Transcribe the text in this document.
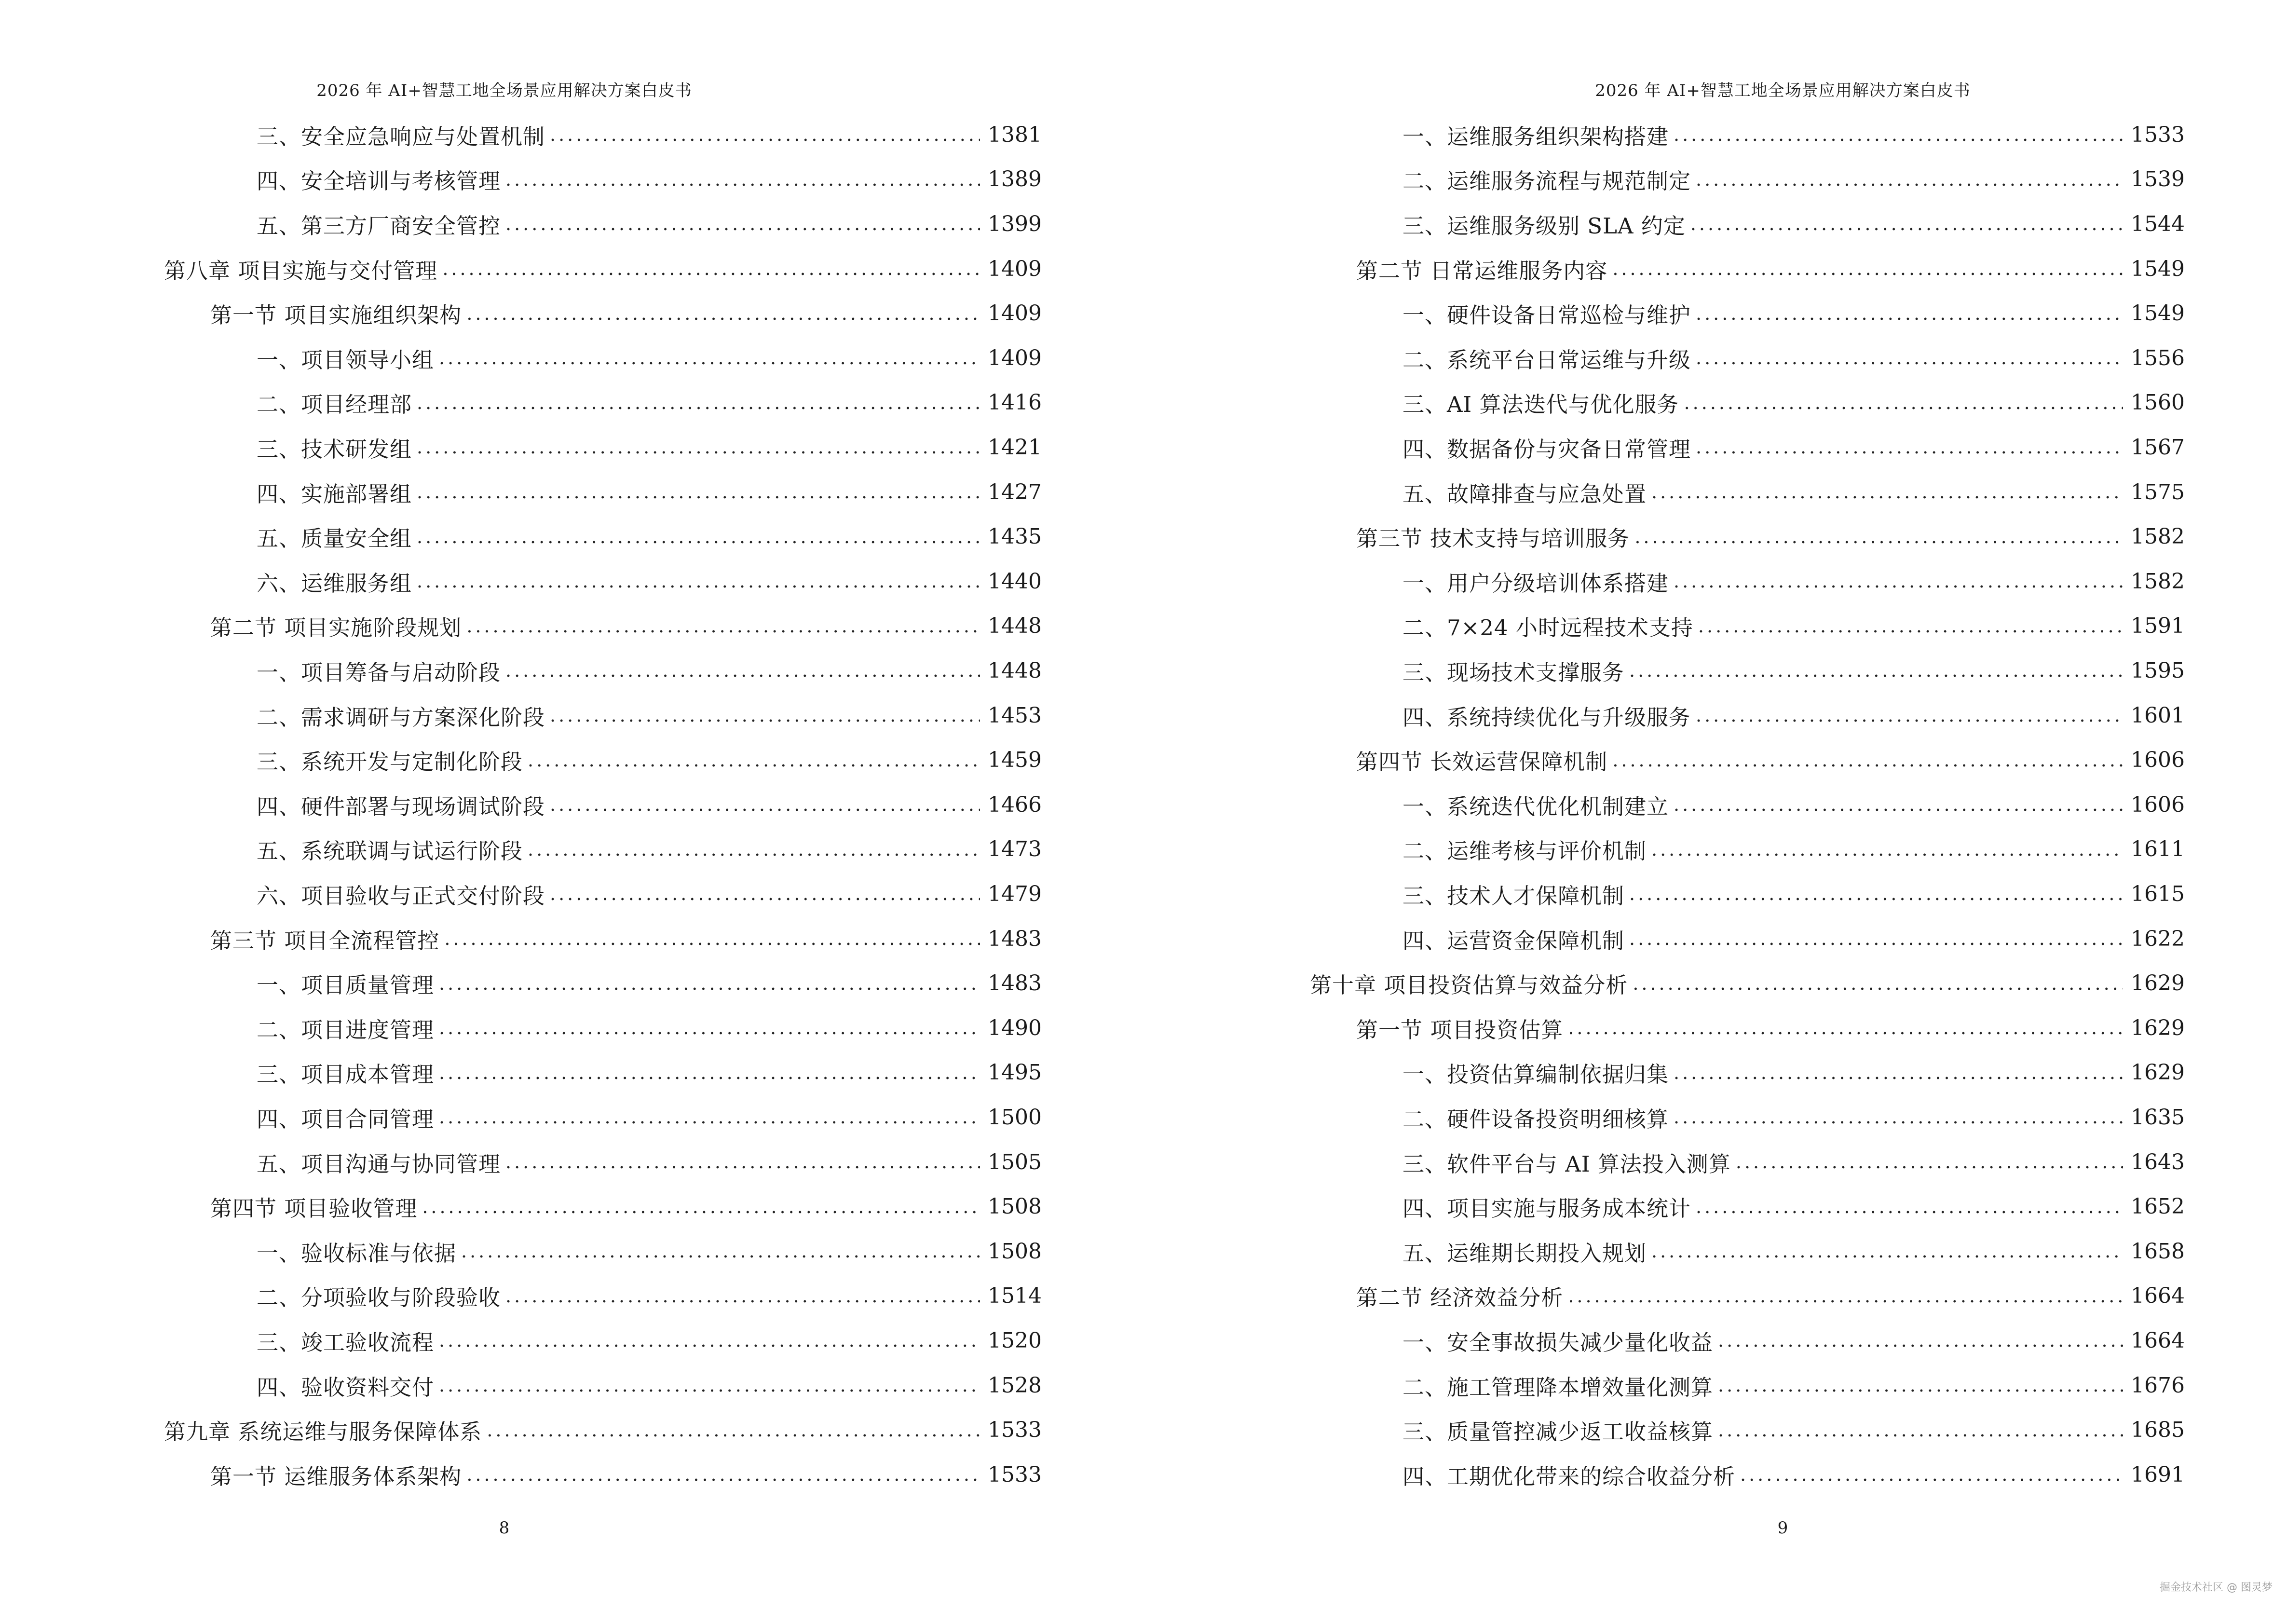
2026 年 AI+智慧工地全场景应用解决方案白皮书
三、安全应急响应与处置机制 .....	1381
四、安全培训与考核管理 .....	1389
五、第三方厂商安全管控 .....	1399
第八章 项目实施与交付管理 .....	1409
第一节 项目实施组织架构 .....	1409
一、项目领导小组 .....	1409
二、项目经理部 .....	1416
三、技术研发组 .....	1421
四、实施部署组 .....	1427
五、质量安全组 .....	1435
六、运维服务组 .....	1440
第二节 项目实施阶段规划 .....	1448
一、项目筹备与启动阶段 .....	1448
二、需求调研与方案深化阶段 .....	1453
三、系统开发与定制化阶段 .....	1459
四、硬件部署与现场调试阶段 .....	1466
五、系统联调与试运行阶段 .....	1473
六、项目验收与正式交付阶段 .....	1479
第三节 项目全流程管控 .....	1483
一、项目质量管理 .....	1483
二、项目进度管理 .....	1490
三、项目成本管理 .....	1495
四、项目合同管理 .....	1500
五、项目沟通与协同管理 .....	1505
第四节 项目验收管理 .....	1508
一、验收标准与依据 .....	1508
二、分项验收与阶段验收 .....	1514
三、竣工验收流程 .....	1520
四、验收资料交付 .....	1528
第九章 系统运维与服务保障体系 .....	1533
第一节 运维服务体系架构 .....	1533
8
2026 年 AI+智慧工地全场景应用解决方案白皮书
一、运维服务组织架构搭建 .....	1533
二、运维服务流程与规范制定 .....	1539
三、运维服务级别 SLA 约定 .....	1544
第二节 日常运维服务内容 .....	1549
一、硬件设备日常巡检与维护 .....	1549
二、系统平台日常运维与升级 .....	1556
三、AI 算法迭代与优化服务 .....	1560
四、数据备份与灾备日常管理 .....	1567
五、故障排查与应急处置 .....	1575
第三节 技术支持与培训服务 .....	1582
一、用户分级培训体系搭建 .....	1582
二、7×24 小时远程技术支持 .....	1591
三、现场技术支撑服务 .....	1595
四、系统持续优化与升级服务 .....	1601
第四节 长效运营保障机制 .....	1606
一、系统迭代优化机制建立 .....	1606
二、运维考核与评价机制 .....	1611
三、技术人才保障机制 .....	1615
四、运营资金保障机制 .....	1622
第十章 项目投资估算与效益分析 .....	1629
第一节 项目投资估算 .....	1629
一、投资估算编制依据归集 .....	1629
二、硬件设备投资明细核算 .....	1635
三、软件平台与 AI 算法投入测算 .....	1643
四、项目实施与服务成本统计 .....	1652
五、运维期长期投入规划 .....	1658
第二节 经济效益分析 .....	1664
一、安全事故损失减少量化收益 .....	1664
二、施工管理降本增效量化测算 .....	1676
三、质量管控减少返工收益核算 .....	1685
四、工期优化带来的综合收益分析 .....	1691
9
掘金技术社区 @ 图灵梦
